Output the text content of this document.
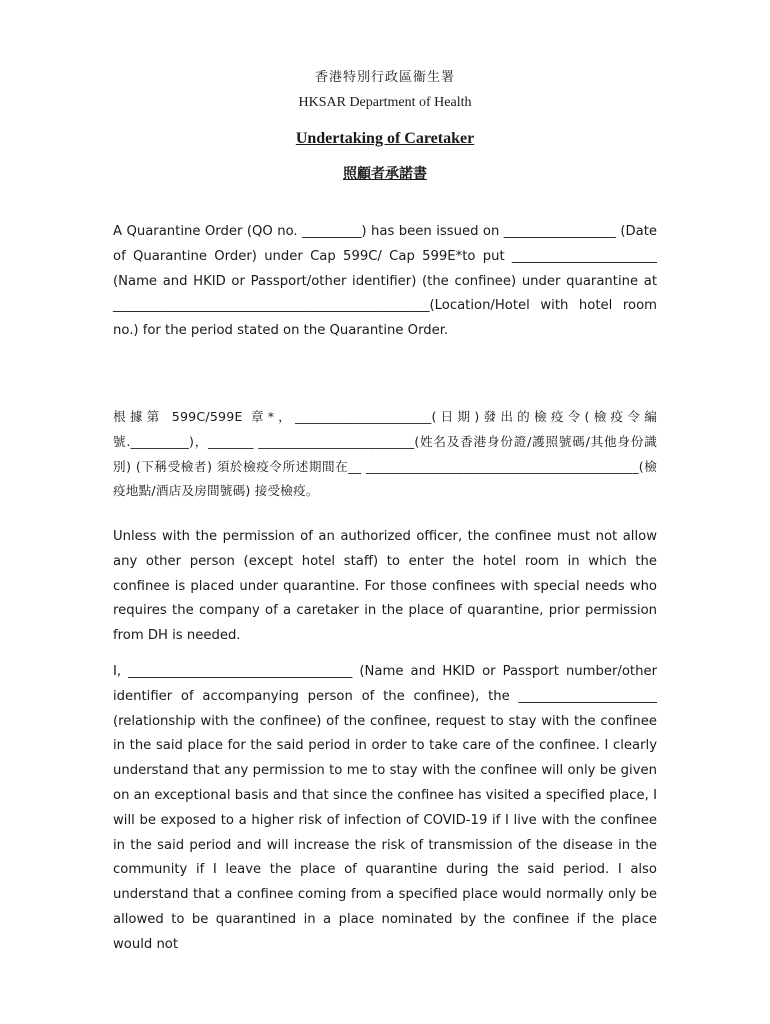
香港特別行政區衞生署
HKSAR Department of Health
Undertaking of Caretaker
照顧者承諾書

A Quarantine Order (QO no. _________) has been issued on _________________ (Date of Quarantine Order) under Cap 599C/ Cap 599E*to put ______________________ (Name and HKID or Passport/other identifier) (the confinee) under quarantine at ________________________________________________(Location/Hotel with hotel room no.) for the period stated on the Quarantine Order.

根據第 599C/599E 章*，_____________________(日期)發出的檢疫令(檢疫令編號._________)，_______ ________________________(姓名及香港身份證/護照號碼/其他身份識別) (下稱受檢者) 須於檢疫令所述期間在__ __________________________________________(檢疫地點/酒店及房間號碼) 接受檢疫。

Unless with the permission of an authorized officer, the confinee must not allow any other person (except hotel staff) to enter the hotel room in which the confinee is placed under quarantine. For those confinees with special needs who requires the company of a caretaker in the place of quarantine, prior permission from DH is needed.

I, __________________________________ (Name and HKID or Passport number/other identifier of accompanying person of the confinee), the _____________________ (relationship with the confinee) of the confinee, request to stay with the confinee in the said place for the said period in order to take care of the confinee. I clearly understand that any permission to me to stay with the confinee will only be given on an exceptional basis and that since the confinee has visited a specified place, I will be exposed to a higher risk of infection of COVID-19 if I live with the confinee in the said period and will increase the risk of transmission of the disease in the community if I leave the place of quarantine during the said period. I also understand that a confinee coming from a specified place would normally only be allowed to be quarantined in a place nominated by the confinee if the place would not
